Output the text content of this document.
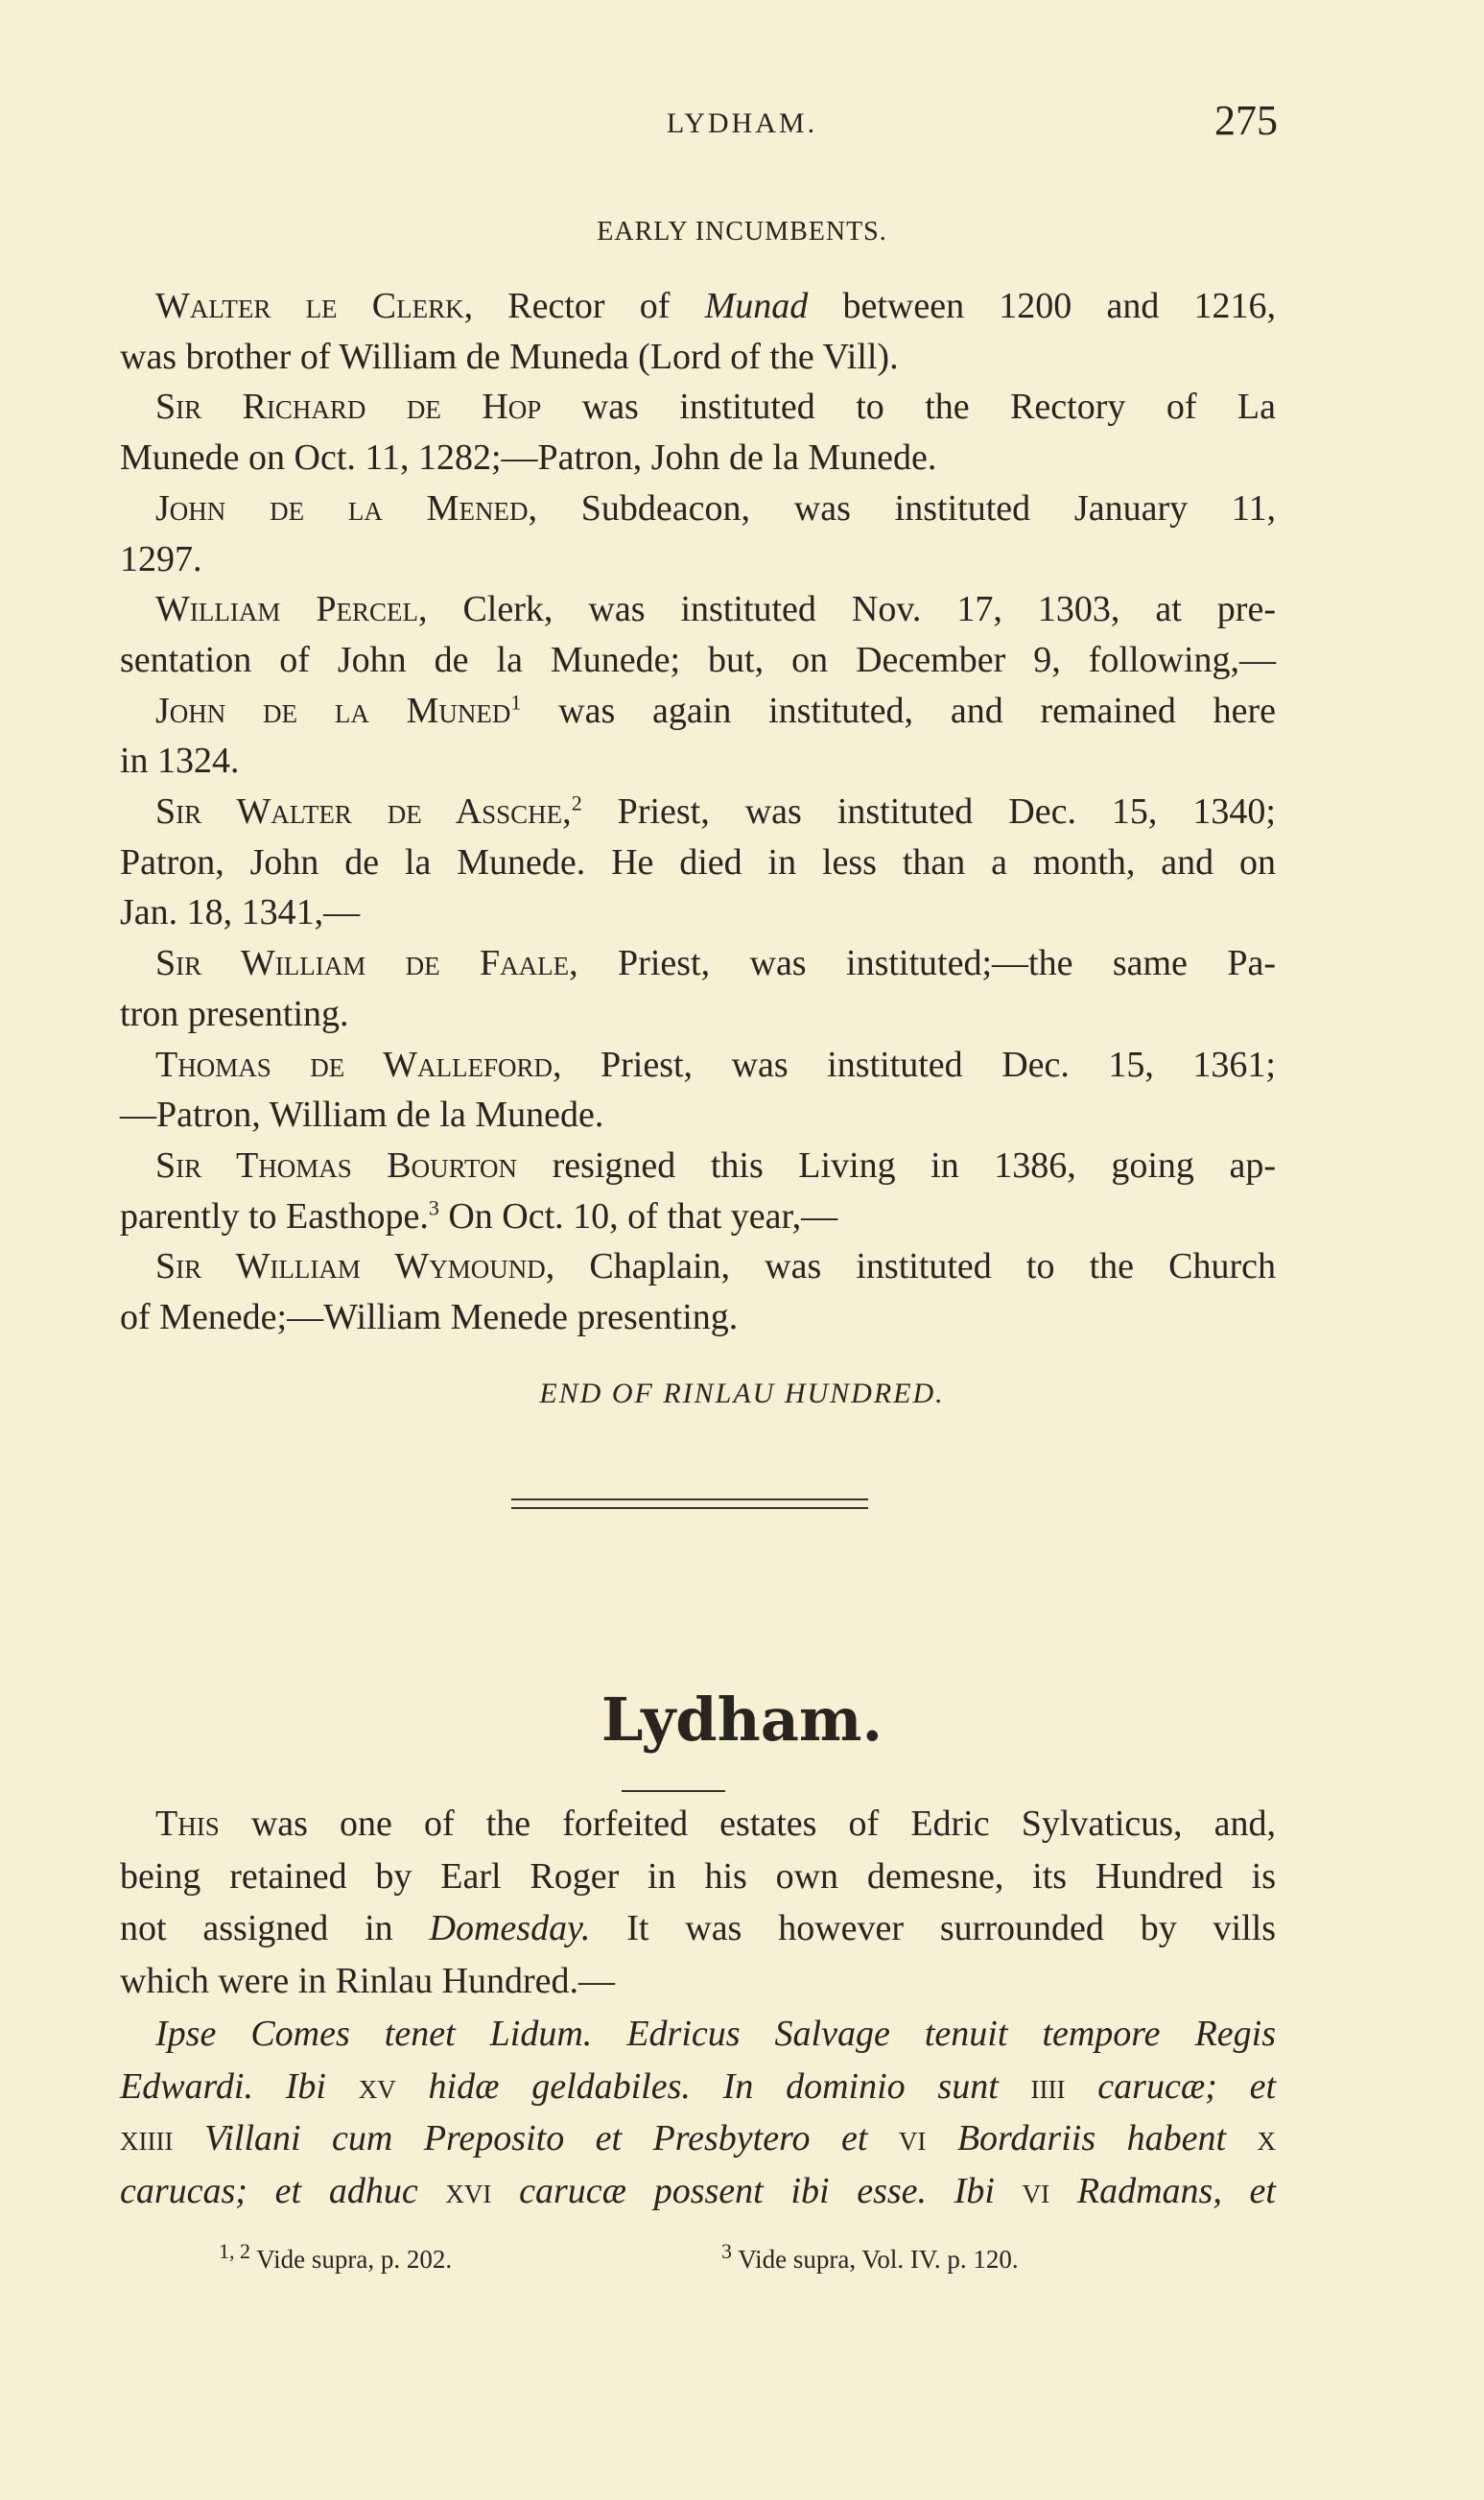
LYDHAM.	275
EARLY INCUMBENTS.
Walter le Clerk, Rector of Munad between 1200 and 1216,
was brother of William de Muneda (Lord of the Vill).
Sir Richard de Hop was instituted to the Rectory of La
Munede on Oct. 11, 1282;—Patron, John de la Munede.
John de la Mened, Subdeacon, was instituted January 11,
1297.
William Percel, Clerk, was instituted Nov. 17, 1303, at pre-
sentation of John de la Munede; but, on December 9, following,—
John de la Muned$^1$ was again instituted, and remained here
in 1324.
Sir Walter de Assche,$^2$ Priest, was instituted Dec. 15, 1340;
Patron, John de la Munede. He died in less than a month, and on
Jan. 18, 1341,—
Sir William de Faale, Priest, was instituted;—the same Pa-
tron presenting.
Thomas de Walleford, Priest, was instituted Dec. 15, 1361;
—Patron, William de la Munede.
Sir Thomas Bourton resigned this Living in 1386, going ap-
parently to Easthope.$^3$ On Oct. 10, of that year,—
Sir William Wymound, Chaplain, was instituted to the Church
of Menede;—William Menede presenting.
END OF RINLAU HUNDRED.
Lydham.
This was one of the forfeited estates of Edric Sylvaticus, and,
being retained by Earl Roger in his own demesne, its Hundred is
not assigned in Domesday. It was however surrounded by vills
which were in Rinlau Hundred.—
Ipse Comes tenet Lidum. Edricus Salvage tenuit tempore Regis
Edwardi. Ibi xv hidæ geldabiles. In dominio sunt iiii carucæ; et
xiiii Villani cum Preposito et Presbytero et vi Bordariis habent x
carucas; et adhuc xvi carucæ possent ibi esse. Ibi vi Radmans, et
$^{1, 2}$ Vide supra, p. 202.	$^3$ Vide supra, Vol. IV. p. 120.
